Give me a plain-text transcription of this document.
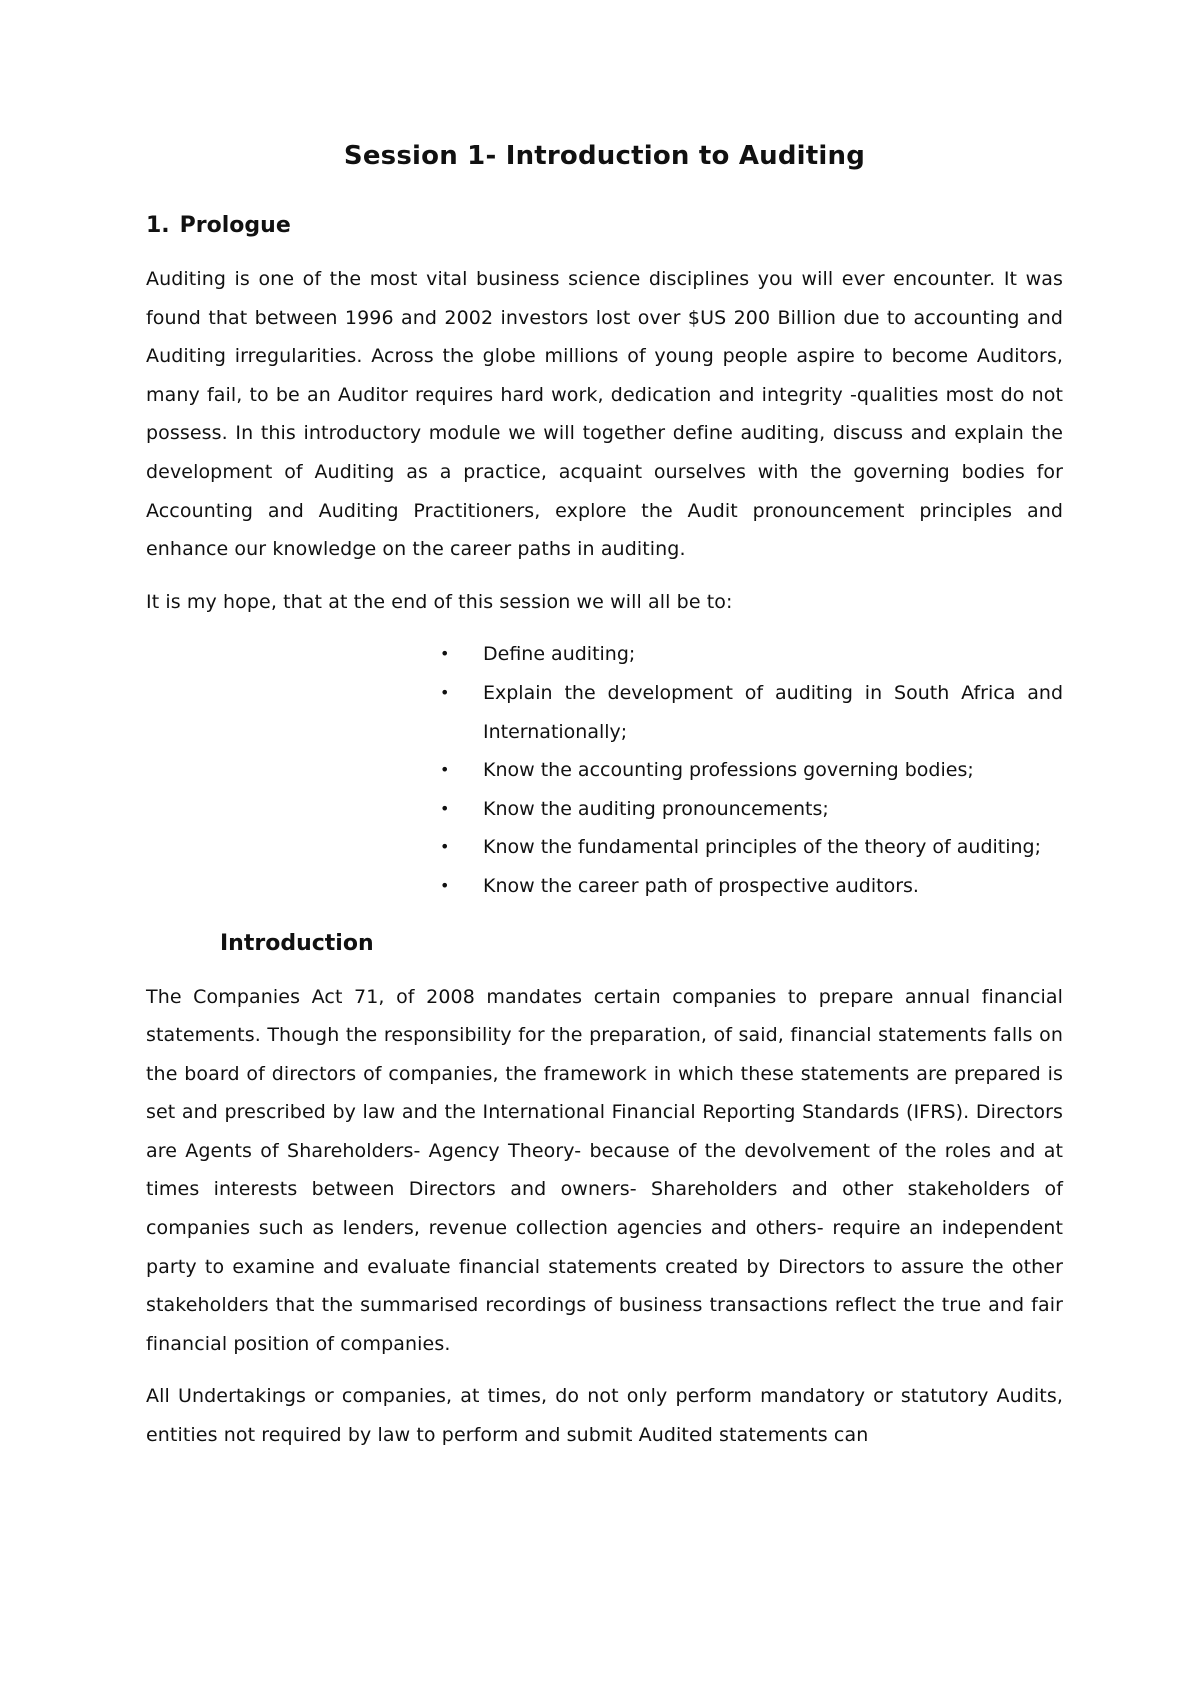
Session 1- Introduction to Auditing
1. Prologue

Auditing is one of the most vital business science disciplines you will ever encounter. It was found that between 1996 and 2002 investors lost over $US 200 Billion due to accounting and Auditing irregularities. Across the globe millions of young people aspire to become Auditors, many fail, to be an Auditor requires hard work, dedication and integrity -qualities most do not possess. In this introductory module we will together define auditing, discuss and explain the development of Auditing as a practice, acquaint ourselves with the governing bodies for Accounting and Auditing Practitioners, explore the Audit pronouncement principles and enhance our knowledge on the career paths in auditing.

It is my hope, that at the end of this session we will all be to:

• Define auditing;
• Explain the development of auditing in South Africa and Internationally;
• Know the accounting professions governing bodies;
• Know the auditing pronouncements;
• Know the fundamental principles of the theory of auditing;
• Know the career path of prospective auditors.
Introduction

The Companies Act 71, of 2008 mandates certain companies to prepare annual financial statements. Though the responsibility for the preparation, of said, financial statements falls on the board of directors of companies, the framework in which these statements are prepared is set and prescribed by law and the International Financial Reporting Standards (IFRS). Directors are Agents of Shareholders- Agency Theory- because of the devolvement of the roles and at times interests between Directors and owners- Shareholders and other stakeholders of companies such as lenders, revenue collection agencies and others- require an independent party to examine and evaluate financial statements created by Directors to assure the other stakeholders that the summarised recordings of business transactions reflect the true and fair financial position of companies.

All Undertakings or companies, at times, do not only perform mandatory or statutory Audits, entities not required by law to perform and submit Audited statements can
